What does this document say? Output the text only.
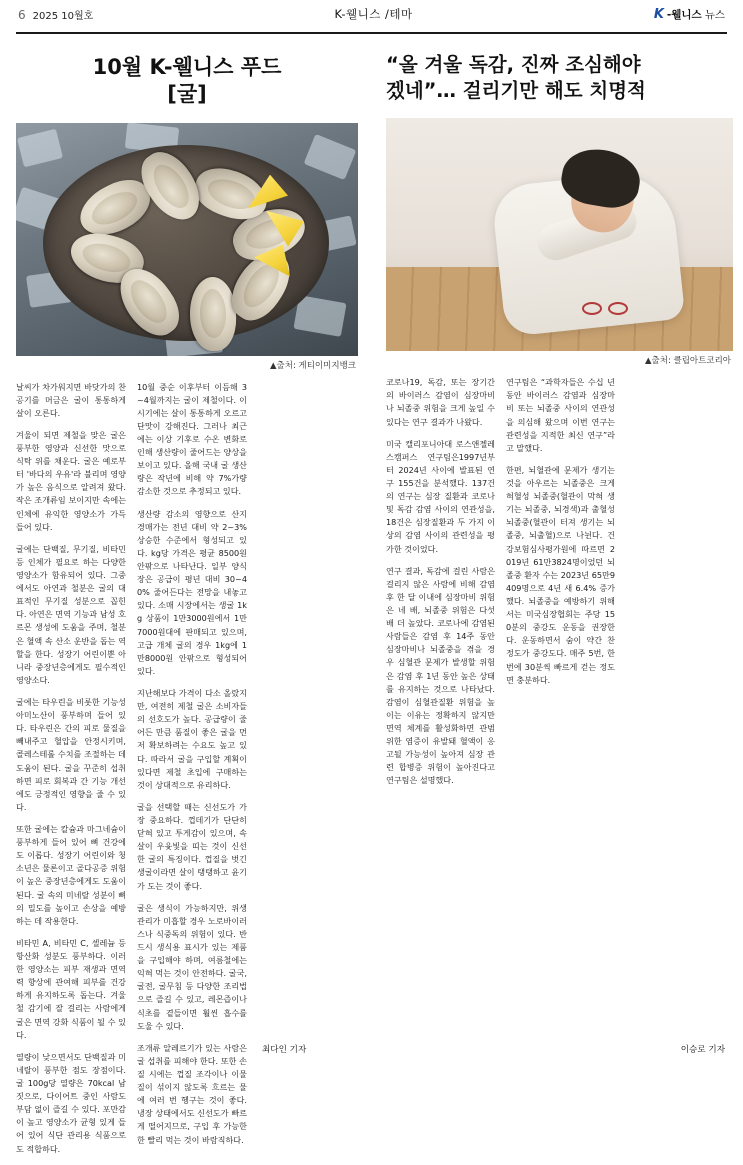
6 2025 10월호	K-웰니스 /테마	K -웰니스 뉴스
10월 K-웰니스 푸드
[굴]
▲출처: 게티이미지뱅크

날씨가 차가워지면 바닷가의 찬 공기를 머금은 굴이 통통하게 살이 오른다.

겨울이 되면 제철을 맞은 굴은 풍부한 영양과 신선한 맛으로 식탁 위를 채운다. 굴은 예로부터 '바다의 우유'라 불리며 영양가 높은 음식으로 알려져 왔다. 작은 조개류임 보이지만 속에는 인체에 유익한 영양소가 가득 들어 있다.

굴에는 단백질, 무기질, 비타민 등 인체가 필요로 하는 다양한 영양소가 함유되어 있다. 그중에서도 아연과 철분은 굴의 대표적인 무기질 성분으로 꼽힌다. 아연은 면역 기능과 남성 호르몬 생성에 도움을 주며, 철분은 혈액 속 산소 운반을 돕는 역할을 한다. 성장기 어린이뿐 아니라 중장년층에게도 필수적인 영양소다.

굴에는 타우린을 비롯한 기능성 아미노산이 풍부하며 들어 있다. 타우린은 간의 피로 물질을 빼내주고 혈압을 안정시키며, 콜레스테롤 수치를 조절하는 데 도움이 된다. 굴을 꾸준히 섭취하면 피로 회복과 간 기능 개선에도 긍정적인 영향을 줄 수 있다.

또한 굴에는 칼슘과 마그네슘이 풍부하게 들어 있어 뼈 건강에도 이롭다. 성장기 어린이와 청소년은 물론이고 골다공증 위험이 높은 중장년층에게도 도움이 된다. 굴 속의 미네랄 성분이 뼈의 밀도를 높이고 손상을 예방하는 데 작용한다.

비타민 A, 비타민 C, 셀레늄 등 항산화 성분도 풍부하다. 이러한 영양소는 피부 재생과 면역력 향상에 관여해 피부를 건강하게 유지하도록 돕는다. 겨울철 감기에 잘 걸리는 사람에게 굴은 면역 강화 식품이 될 수 있다.

열량이 낮으면서도 단백질과 미네랄이 풍부한 점도 장점이다. 굴 100g당 열량은 70kcal 남짓으로, 다이어트 중인 사람도 부담 없이 즐길 수 있다. 포만감이 높고 영양소가 균형 있게 들어 있어 식단 관리용 식품으로도 적합하다.

10월 중순 이후부터 이듬해 3~4월까지는 굴이 제철이다. 이 시기에는 살이 통통하게 오르고 단맛이 강해진다. 그러나 최근에는 이상 기후로 수온 변화로 인해 생산량이 줄어드는 양상을 보이고 있다. 올해 국내 굴 생산량은 작년에 비해 약 7%가량 감소한 것으로 추정되고 있다.

생산량 감소의 영향으로 산지 경매가는 전년 대비 약 2~3% 상승한 수준에서 형성되고 있다. kg당 가격은 평균 8500원 안팎으로 나타난다. 일부 양식장은 공급이 평년 대비 30~40% 줄어든다는 전망을 내놓고 있다. 소매 시장에서는 생굴 1kg 상품이 1만3000원에서 1만7000원대에 판매되고 있으며, 고급 개체 굴의 경우 1kg에 1만8000원 안팎으로 형성되어 있다.

지난해보다 가격이 다소 올랐지만, 여전히 제철 굴은 소비자들의 선호도가 높다. 공급량이 줄어든 만큼 품질이 좋은 굴을 먼저 확보하려는 수요도 높고 있다. 따라서 굴을 구입할 계획이 있다면 제철 초입에 구매하는 것이 상대적으로 유리하다.

굴을 선택할 때는 신선도가 가장 중요하다. 껍데기가 단단히 닫혀 있고 투게감이 있으며, 속살이 우윳빛을 띠는 것이 신선한 굴의 특징이다. 껍질을 벗긴 생굴이라면 살이 탱탱하고 윤기가 도는 것이 좋다.

굴은 생식이 가능하지만, 위생 관리가 미흡할 경우 노로바이러스나 식중독의 위험이 있다. 반드시 생식용 표시가 있는 제품을 구입해야 하며, 여름철에는 익혀 먹는 것이 안전하다. 굴국, 굴전, 굴무침 등 다양한 조리법으로 즐길 수 있고, 레몬즙이나 식초를 곁들이면 훨씬 흡수를 도울 수 있다.

조개류 알레르기가 있는 사람은 굴 섭취를 피해야 한다. 또한 손질 시에는 껍질 조각이나 이물질이 섞이지 않도록 흐르는 물에 여러 번 헹구는 것이 좋다. 냉장 상태에서도 신선도가 빠르게 떨어지므로, 구입 후 가능한 한 빨리 먹는 것이 바람직하다.

“올 겨울 독감, 진짜 조심해야
겠네”… 걸리기만 해도 치명적
▲출처: 클립아트코리아

코로나19, 독감, 또는 장기간의 바이러스 감염이 심장마비나 뇌졸중 위험을 크게 높일 수 있다는 연구 결과가 나왔다.

미국 캘리포니아대 로스앤젤레스캠퍼스 연구팀은1997년부터 2024년 사이에 발표된 연구 155건을 분석했다. 137건의 연구는 심장 질환과 코로나 및 독감 감염 사이의 연관성을, 18건은 심장질환과 두 가지 이상의 감염 사이의 관련성을 평가한 것이었다.

연구 결과, 독감에 걸린 사람은 걸리지 않은 사람에 비해 감염 후 한 달 이내에 심장마비 위험은 네 배, 뇌졸중 위험은 다섯 배 더 높았다. 코로나에 감염된 사람들은 감염 후 14주 동안 심장마비나 뇌졸중을 겪을 경우 심혈관 문제가 발생할 위험은 감염 후 1년 동안 높은 상태를 유지하는 것으로 나타났다. 감염이 심혈관질환 위험을 높이는 이유는 정확하지 않지만 면역 체계를 활성화하면 관범위한 염증이 유발돼 혈액이 응고될 가능성이 높아져 심장 관련 합병증 위험이 높아진다고 연구팀은 설명했다.

연구팀은 “과학자들은 수십 년 동안 바이러스 감염과 심장마비 또는 뇌졸중 사이의 연관성을 의심해 왔으며 이번 연구는 관련성을 지적한 최신 연구”라고 말했다.

한편, 뇌혈관에 문제가 생기는 것을 아우르는 뇌졸중은 크게 혀혈성 뇌졸중(혈관이 막혀 생기는 뇌졸중, 뇌경색)과 출혈성 뇌졸중(혈관이 터져 생기는 뇌졸중, 뇌출혈)으로 나뉜다. 건강보험심사평가원에 따르면 2019년 61만3824명이었던 뇌졸중 환자 수는 2023년 65만9409명으로 4년 새 6.4% 증가했다. 뇌졸중을 예방하기 위해서는 미국심장협회는 주당 150분의 중강도 운동을 권장한다. 운동하면서 숨이 약간 찬 정도가 중강도다. 매주 5번, 한 번에 30분씩 빠르게 걷는 정도면 충분하다.

최다인 기자	이승로 기자
